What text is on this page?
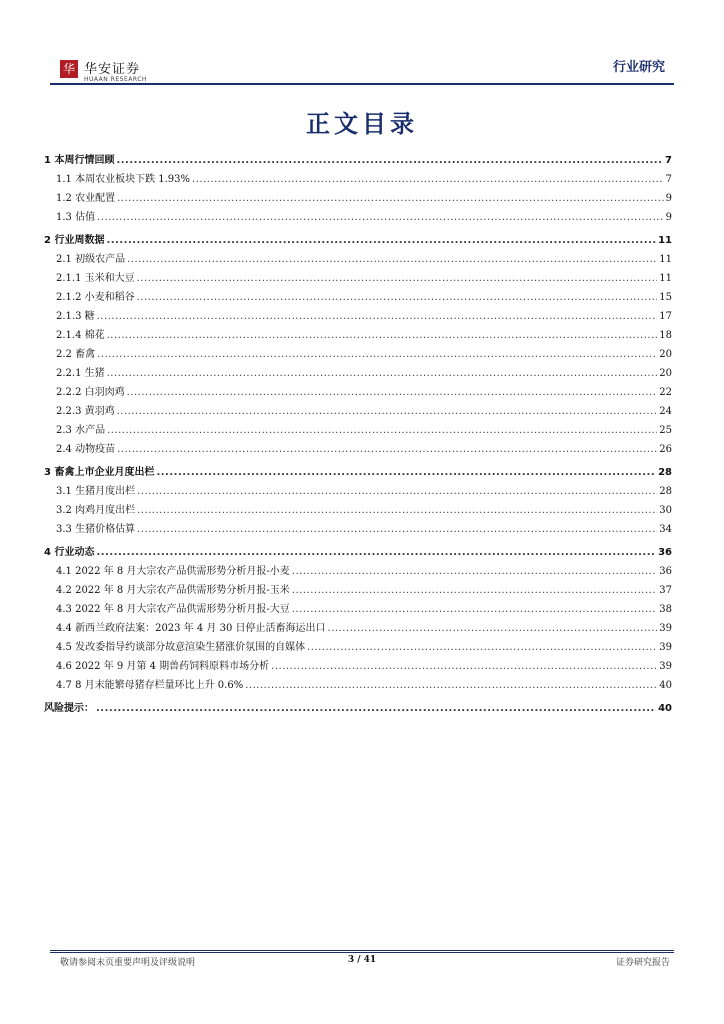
华 华安证券
HUAAN RESEARCH
行业研究
正文目录
1 本周行情回顾 .....	7
1.1 本周农业板块下跌 1.93% .....	7
1.2 农业配置 .....	9
1.3 估值 .....	9
2 行业周数据 .....	11
2.1 初级农产品 .....	11
2.1.1 玉米和大豆 .....	11
2.1.2 小麦和稻谷 .....	15
2.1.3 糖 .....	17
2.1.4 棉花 .....	18
2.2 畜禽 .....	20
2.2.1 生猪 .....	20
2.2.2 白羽肉鸡 .....	22
2.2.3 黄羽鸡 .....	24
2.3 水产品 .....	25
2.4 动物疫苗 .....	26
3 畜禽上市企业月度出栏 .....	28
3.1 生猪月度出栏 .....	28
3.2 肉鸡月度出栏 .....	30
3.3 生猪价格估算 .....	34
4 行业动态 .....	36
4.1 2022 年 8 月大宗农产品供需形势分析月报-小麦 .....	36
4.2 2022 年 8 月大宗农产品供需形势分析月报-玉米 .....	37
4.3 2022 年 8 月大宗农产品供需形势分析月报-大豆 .....	38
4.4 新西兰政府法案：2023 年 4 月 30 日停止活畜海运出口 .....	39
4.5 发改委指导约谈部分故意渲染生猪涨价氛围的自媒体 .....	39
4.6 2022 年 9 月第 4 期兽药饲料原料市场分析 .....	39
4.7 8 月末能繁母猪存栏量环比上升 0.6% .....	40
风险提示： .....	40
敬请参阅末页重要声明及评级说明	3 / 41	证券研究报告
